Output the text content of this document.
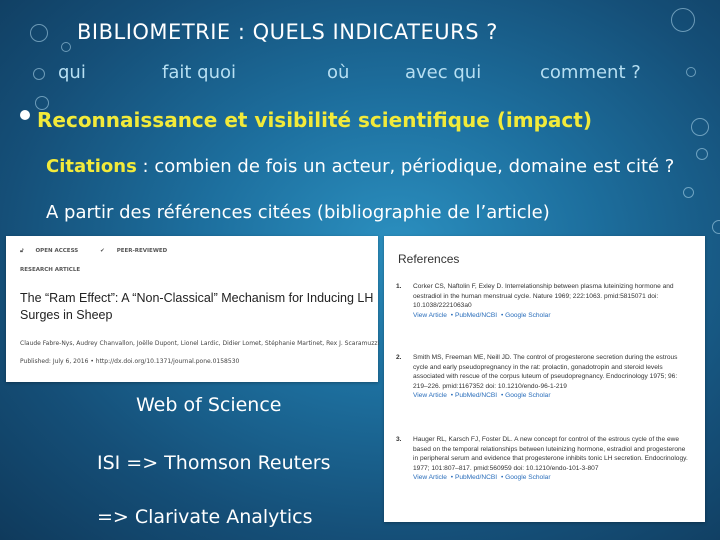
BIBLIOMETRIE : QUELS INDICATEURS ?
qui	fait quoi	où	avec qui	comment ?
Reconnaissance et visibilité scientifique (impact)
Citations : combien de fois un acteur, périodique, domaine est cité ?
A partir des références citées (bibliographie de l’article)
🔓︎ OPEN ACCESS	✔ PEER-REVIEWED
RESEARCH ARTICLE
The “Ram Effect”: A “Non-Classical” Mechanism for Inducing LH Surges in Sheep
Claude Fabre-Nys, Audrey Chanvallon, Joëlle Dupont, Lionel Lardic, Didier Lomet, Stéphanie Martinet, Rex J. Scaramuzzi
Published: July 6, 2016 • http://dx.doi.org/10.1371/journal.pone.0158530
References
1. Corker CS, Naftolin F, Exley D. Interrelationship between plasma luteinizing hormone and oestradiol in the human menstrual cycle. Nature 1969; 222:1063. pmid:5815071 doi: 10.1038/2221063a0
View Article • PubMed/NCBI • Google Scholar
2. Smith MS, Freeman ME, Neill JD. The control of progesterone secretion during the estrous cycle and early pseudopregnancy in the rat: prolactin, gonadotropin and steroid levels associated with rescue of the corpus luteum of pseudopregnancy. Endocrinology 1975; 96: 219–226. pmid:1167352 doi: 10.1210/endo-96-1-219
View Article • PubMed/NCBI • Google Scholar
3. Hauger RL, Karsch FJ, Foster DL. A new concept for control of the estrous cycle of the ewe based on the temporal relationships between luteinizing hormone, estradiol and progesterone in peripheral serum and evidence that progesterone inhibits tonic LH secretion. Endocrinology. 1977; 101:807–817. pmid:560959 doi: 10.1210/endo-101-3-807
View Article • PubMed/NCBI • Google Scholar
Web of Science
ISI => Thomson Reuters
=> Clarivate Analytics
